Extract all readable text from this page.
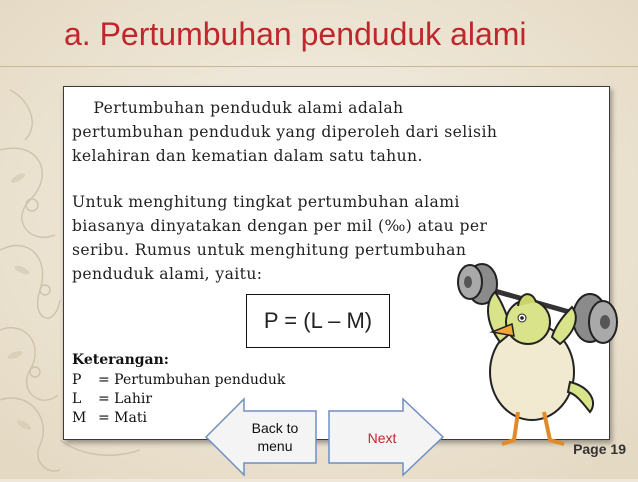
a. Pertumbuhan penduduk alami
Pertumbuhan penduduk alami adalah
pertumbuhan penduduk yang diperoleh dari selisih
kelahiran dan kematian dalam satu tahun.
Untuk menghitung tingkat pertumbuhan alami
biasanya dinyatakan dengan per mil (‰) atau per
seribu. Rumus untuk menghitung pertumbuhan
penduduk alami, yaitu:
P = (L – M)
Keterangan:
P = Pertumbuhan penduduk
L = Lahir
M = Mati
Back to
menu	Next
Page 19
